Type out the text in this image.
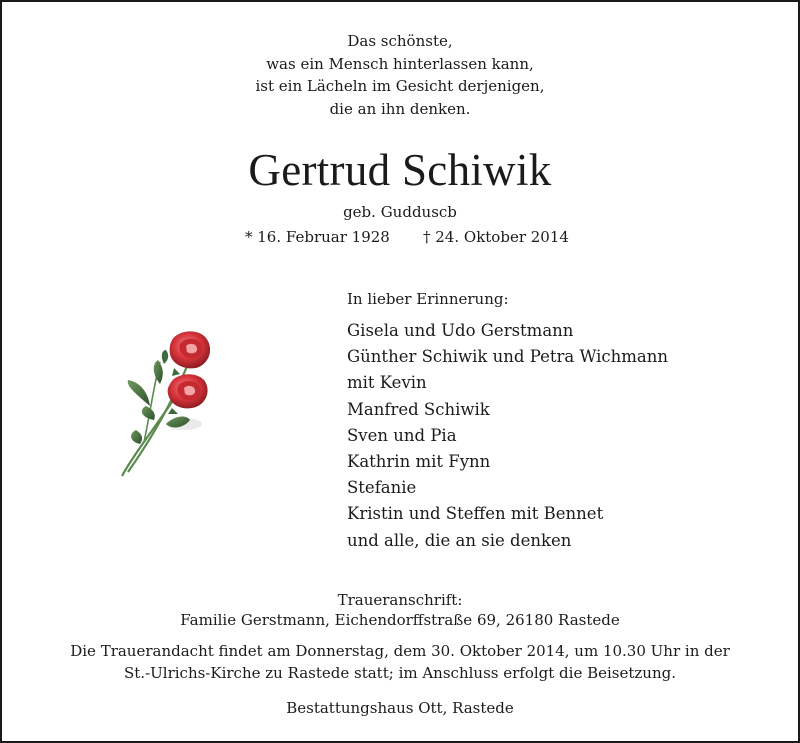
Das schönste,
was ein Mensch hinterlassen kann,
ist ein Lächeln im Gesicht derjenigen,
die an ihn denken.
Gertrud Schiwik
geb. Gudduscb
* 16. Februar 1928 † 24. Oktober 2014
In lieber Erinnerung:
Gisela und Udo Gerstmann
Günther Schiwik und Petra Wichmann
mit Kevin
Manfred Schiwik
Sven und Pia
Kathrin mit Fynn
Stefanie
Kristin und Steffen mit Bennet
und alle, die an sie denken
Traueranschrift:
Familie Gerstmann, Eichendorffstraße 69, 26180 Rastede
Die Trauerandacht findet am Donnerstag, dem 30. Oktober 2014, um 10.30 Uhr in der
St.-Ulrichs-Kirche zu Rastede statt; im Anschluss erfolgt die Beisetzung.
Bestattungshaus Ott, Rastede
